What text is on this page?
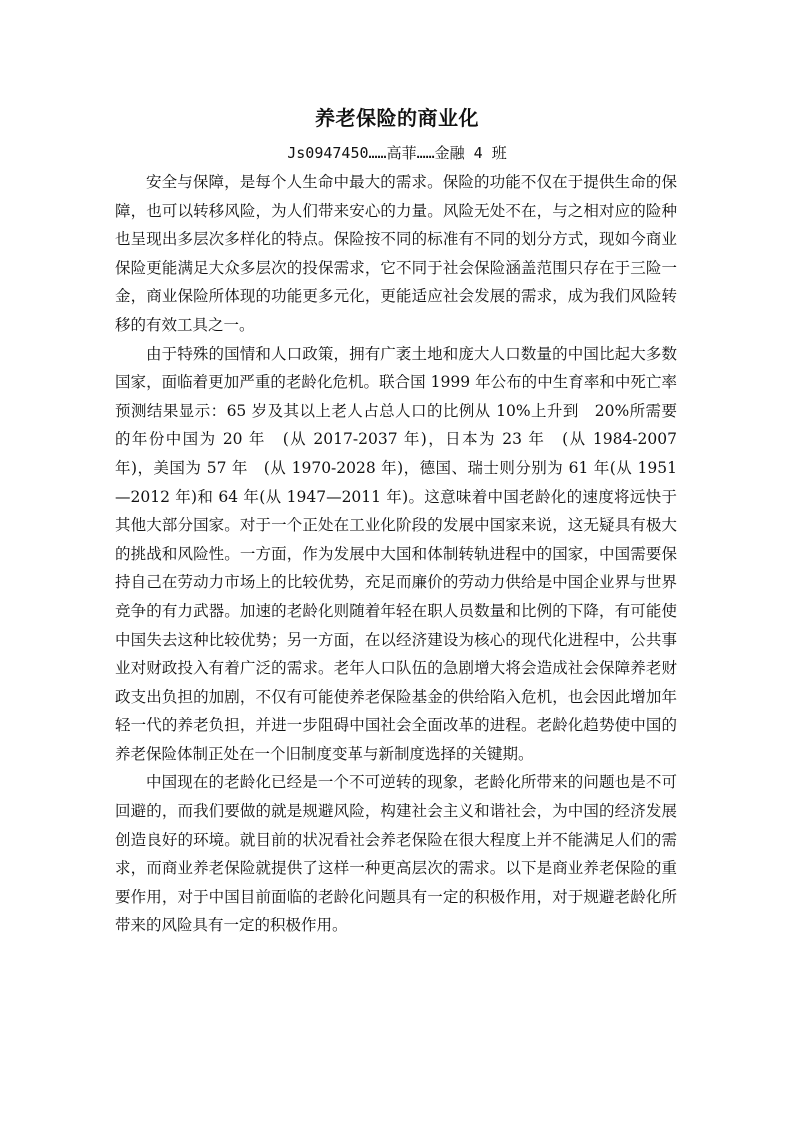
养老保险的商业化
Js0947450……高菲……金融 4 班

安全与保障，是每个人生命中最大的需求。保险的功能不仅在于提供生命的保障，也可以转移风险，为人们带来安心的力量。风险无处不在，与之相对应的险种也呈现出多层次多样化的特点。保险按不同的标准有不同的划分方式，现如今商业保险更能满足大众多层次的投保需求，它不同于社会保险涵盖范围只存在于三险一金，商业保险所体现的功能更多元化，更能适应社会发展的需求，成为我们风险转移的有效工具之一。

由于特殊的国情和人口政策，拥有广袤土地和庞大人口数量的中国比起大多数国家，面临着更加严重的老龄化危机。联合国 1999 年公布的中生育率和中死亡率预测结果显示：65 岁及其以上老人占总人口的比例从 10%上升到　20%所需要的年份中国为 20 年　(从 2017-2037 年)，日本为 23 年　(从 1984-2007 年)，美国为 57 年　(从 1970-2028 年)，德国、瑞士则分别为 61 年(从 1951—2012 年)和 64 年(从 1947—2011 年)。这意味着中国老龄化的速度将远快于其他大部分国家。对于一个正处在工业化阶段的发展中国家来说，这无疑具有极大的挑战和风险性。一方面，作为发展中大国和体制转轨进程中的国家，中国需要保持自己在劳动力市场上的比较优势，充足而廉价的劳动力供给是中国企业界与世界竞争的有力武器。加速的老龄化则随着年轻在职人员数量和比例的下降，有可能使中国失去这种比较优势；另一方面，在以经济建设为核心的现代化进程中，公共事业对财政投入有着广泛的需求。老年人口队伍的急剧增大将会造成社会保障养老财政支出负担的加剧，不仅有可能使养老保险基金的供给陷入危机，也会因此增加年轻一代的养老负担，并进一步阻碍中国社会全面改革的进程。老龄化趋势使中国的养老保险体制正处在一个旧制度变革与新制度选择的关键期。

中国现在的老龄化已经是一个不可逆转的现象，老龄化所带来的问题也是不可回避的，而我们要做的就是规避风险，构建社会主义和谐社会，为中国的经济发展创造良好的环境。就目前的状况看社会养老保险在很大程度上并不能满足人们的需求，而商业养老保险就提供了这样一种更高层次的需求。以下是商业养老保险的重要作用，对于中国目前面临的老龄化问题具有一定的积极作用，对于规避老龄化所带来的风险具有一定的积极作用。
